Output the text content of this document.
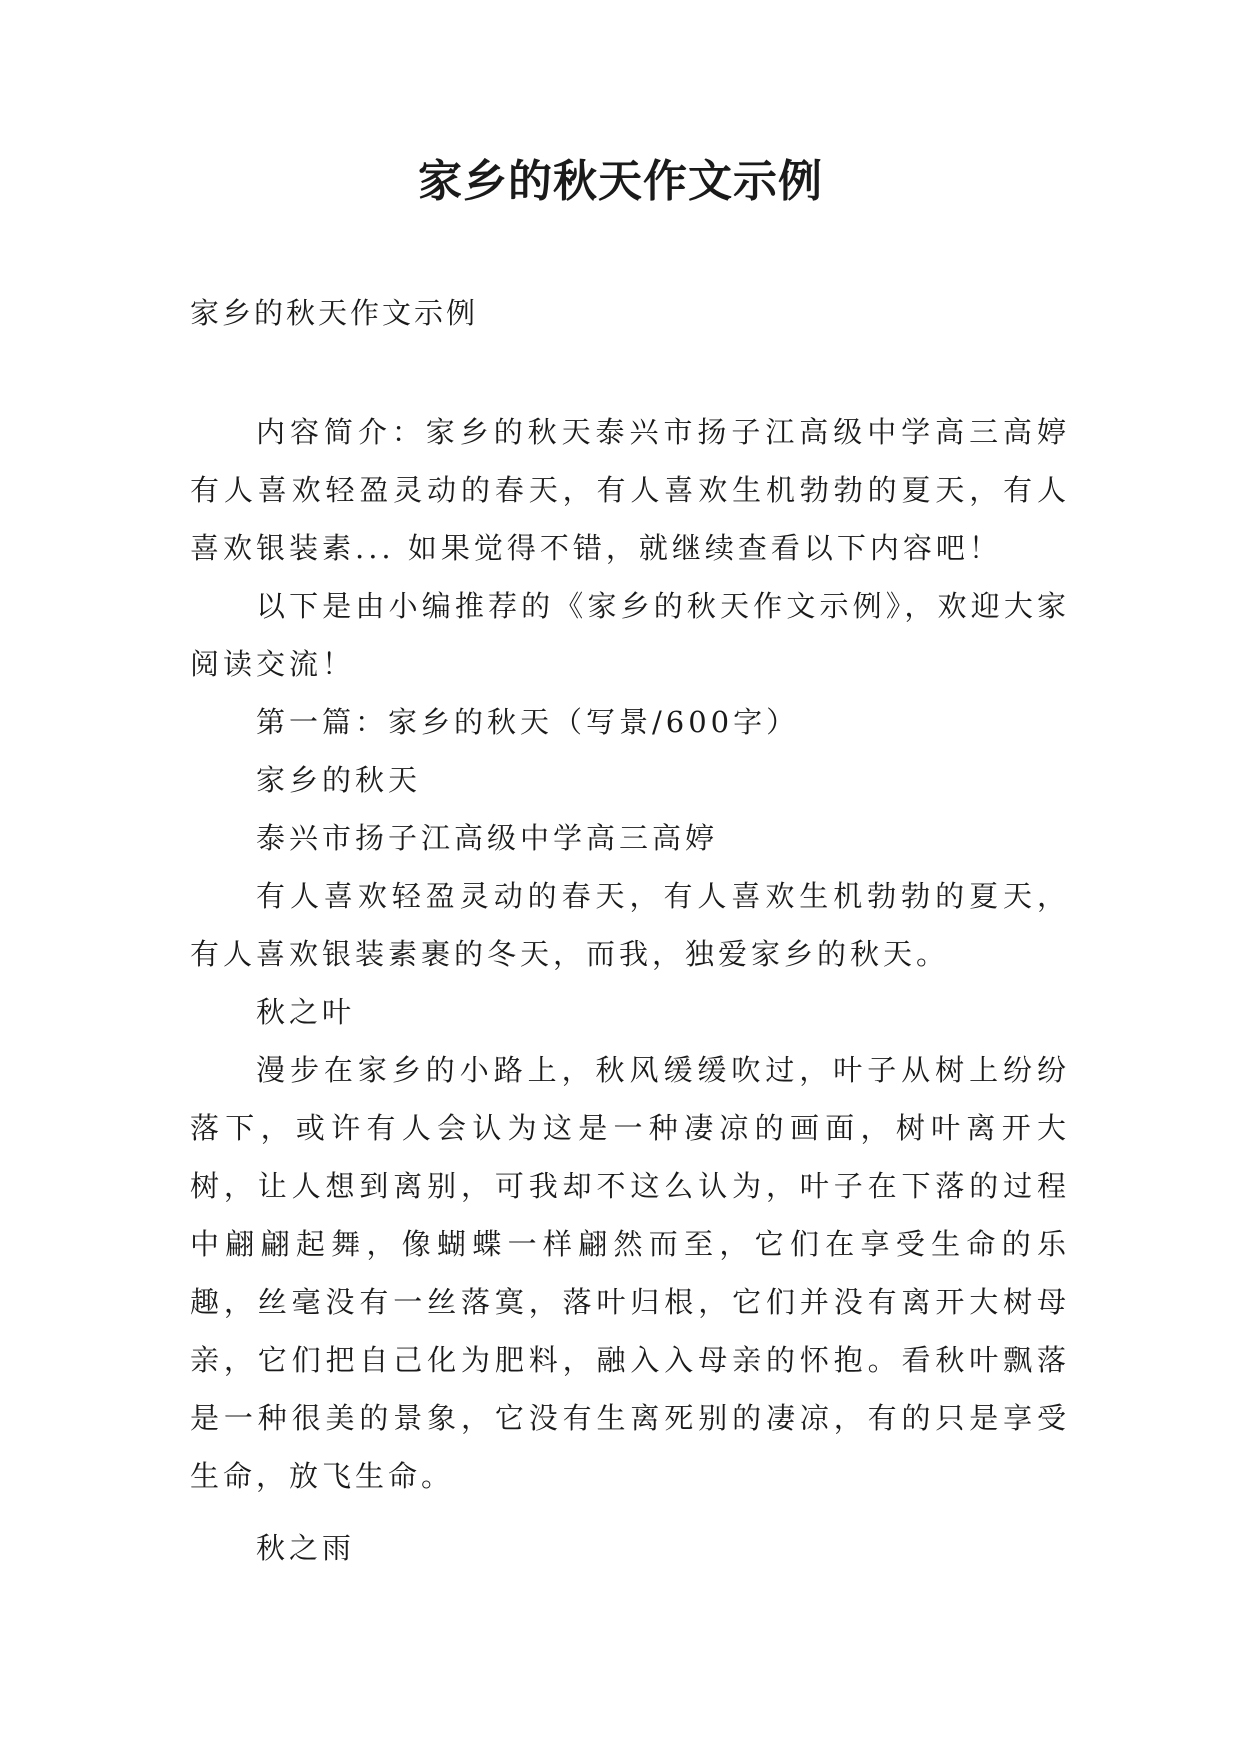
家乡的秋天作文示例

家乡的秋天作文示例

内容简介：家乡的秋天泰兴市扬子江高级中学高三高婷有人喜欢轻盈灵动的春天，有人喜欢生机勃勃的夏天，有人喜欢银装素... 如果觉得不错，就继续查看以下内容吧！

以下是由小编推荐的《家乡的秋天作文示例》，欢迎大家阅读交流！

第一篇：家乡的秋天（写景/600字）

家乡的秋天

泰兴市扬子江高级中学高三高婷

有人喜欢轻盈灵动的春天，有人喜欢生机勃勃的夏天，有人喜欢银装素裹的冬天，而我，独爱家乡的秋天。

秋之叶

漫步在家乡的小路上，秋风缓缓吹过，叶子从树上纷纷落下，或许有人会认为这是一种凄凉的画面，树叶离开大树，让人想到离别，可我却不这么认为，叶子在下落的过程中翩翩起舞，像蝴蝶一样翩然而至，它们在享受生命的乐趣，丝毫没有一丝落寞，落叶归根，它们并没有离开大树母亲，它们把自己化为肥料，融入入母亲的怀抱。看秋叶飘落是一种很美的景象，它没有生离死别的凄凉，有的只是享受生命，放飞生命。

秋之雨
